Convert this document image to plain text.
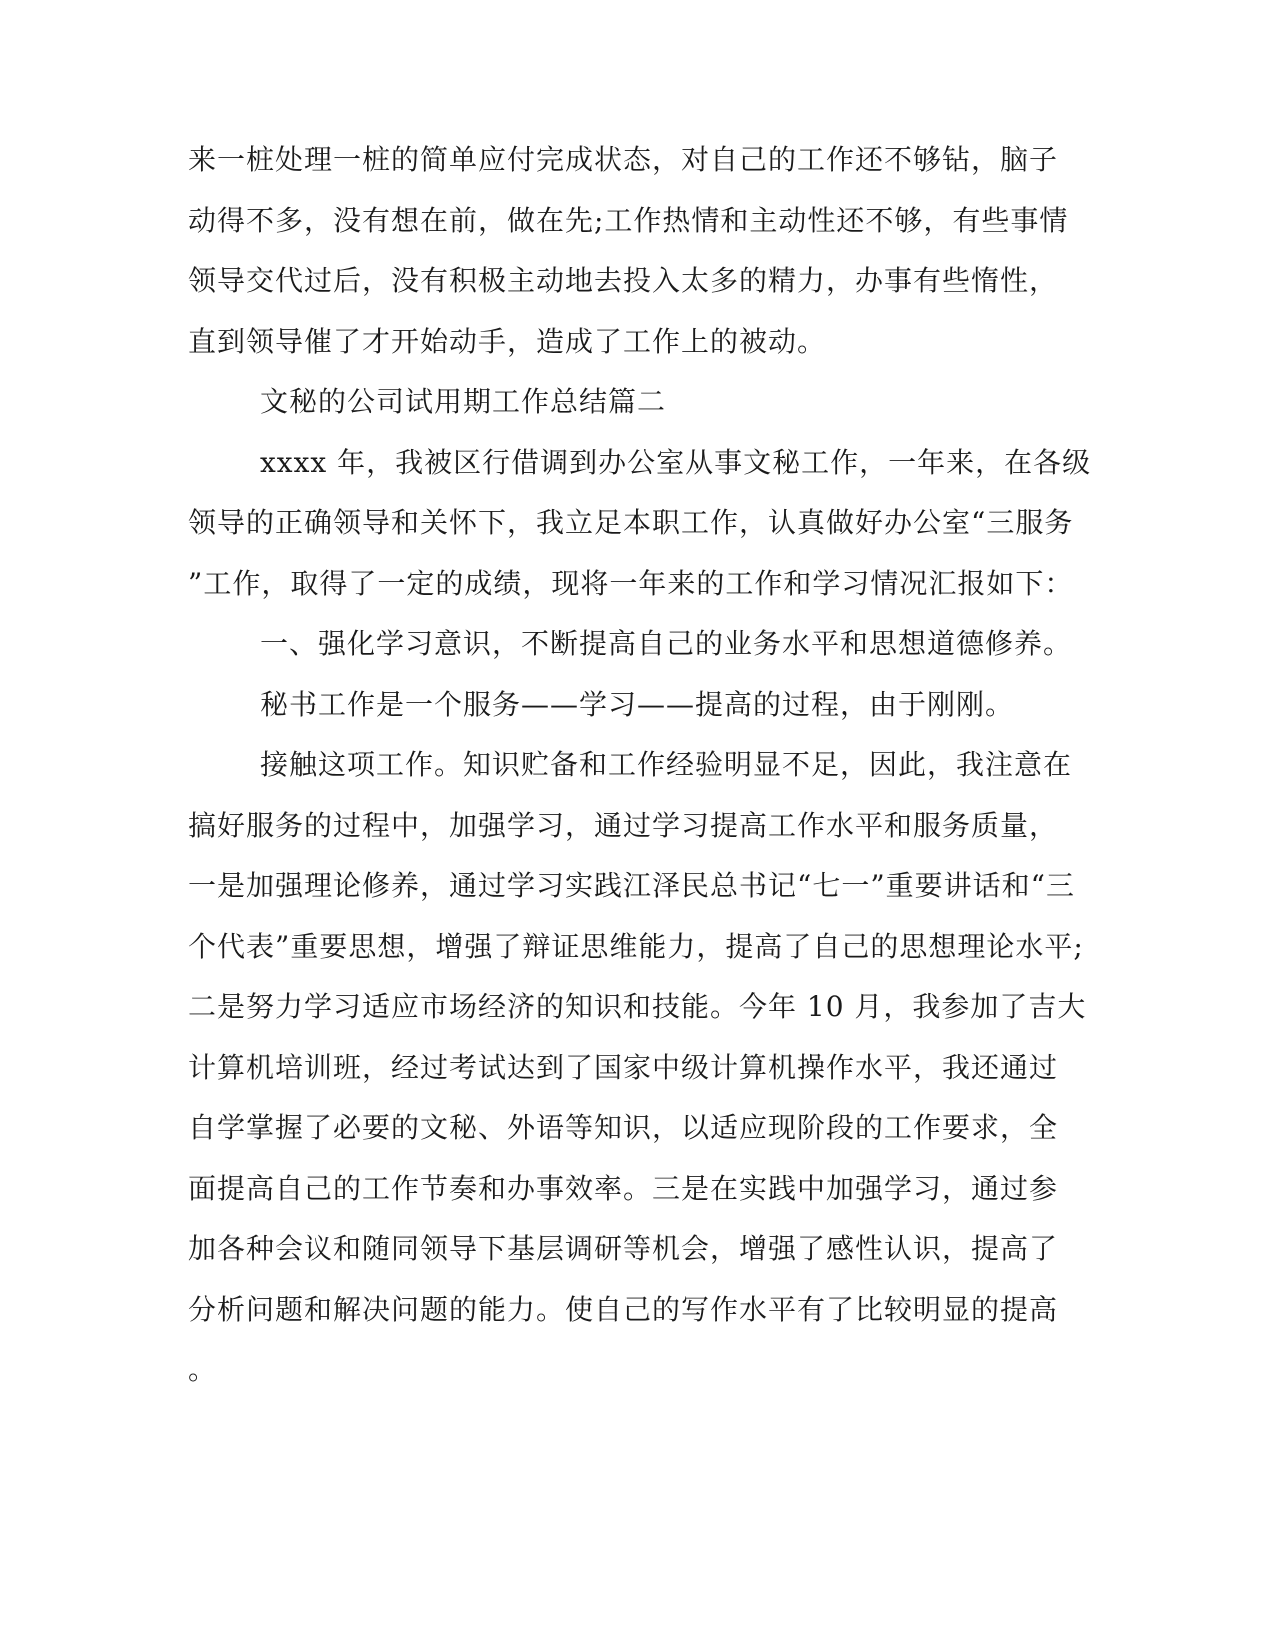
来一桩处理一桩的简单应付完成状态，对自己的工作还不够钻，脑子
动得不多，没有想在前，做在先;工作热情和主动性还不够，有些事情
领导交代过后，没有积极主动地去投入太多的精力，办事有些惰性，
直到领导催了才开始动手，造成了工作上的被动。
文秘的公司试用期工作总结篇二
xxxx 年，我被区行借调到办公室从事文秘工作，一年来，在各级
领导的正确领导和关怀下，我立足本职工作，认真做好办公室“三服务
”工作，取得了一定的成绩，现将一年来的工作和学习情况汇报如下：
一、强化学习意识，不断提高自己的业务水平和思想道德修养。
秘书工作是一个服务——学习——提高的过程，由于刚刚。
接触这项工作。知识贮备和工作经验明显不足，因此，我注意在
搞好服务的过程中，加强学习，通过学习提高工作水平和服务质量，
一是加强理论修养，通过学习实践江泽民总书记“七一”重要讲话和“三
个代表”重要思想，增强了辩证思维能力，提高了自己的思想理论水平;
二是努力学习适应市场经济的知识和技能。今年 10 月，我参加了吉大
计算机培训班，经过考试达到了国家中级计算机操作水平，我还通过
自学掌握了必要的文秘、外语等知识，以适应现阶段的工作要求，全
面提高自己的工作节奏和办事效率。三是在实践中加强学习，通过参
加各种会议和随同领导下基层调研等机会，增强了感性认识，提高了
分析问题和解决问题的能力。使自己的写作水平有了比较明显的提高
。
